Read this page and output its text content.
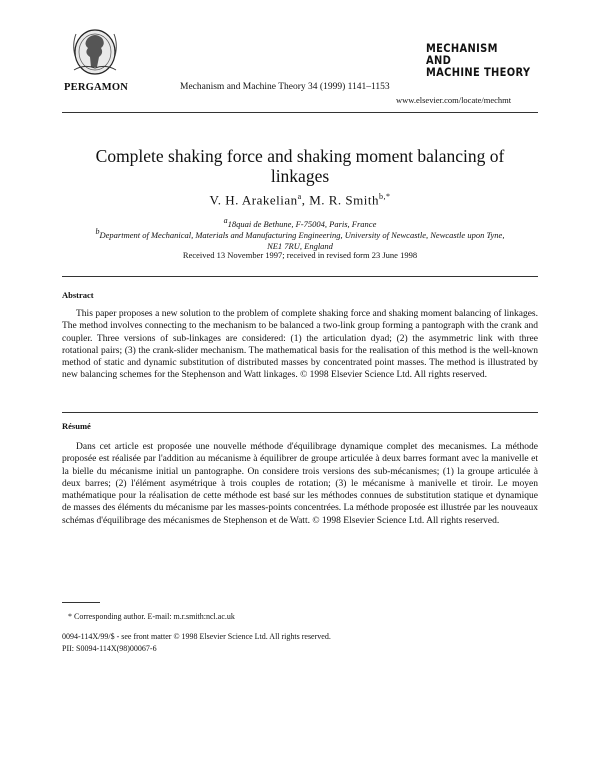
PERGAMON	Mechanism and Machine Theory 34 (1999) 1141–1153
MECHANISM
AND
MACHINE THEORY
www.elsevier.com/locate/mechmt
Complete shaking force and shaking moment balancing of
linkages
V. H. Arakelian$^a$, M. R. Smith$^{b,*}$
$^a$18quai de Bethune, F-75004, Paris, France
$^b$Department of Mechanical, Materials and Manufacturing Engineering, University of Newcastle, Newcastle upon Tyne,
NE1 7RU, England
Received 13 November 1997; received in revised form 23 June 1998
Abstract
This paper proposes a new solution to the problem of complete shaking force and shaking moment balancing of linkages. The method involves connecting to the mechanism to be balanced a two-link group forming a pantograph with the crank and coupler. Three versions of sub-linkages are considered: (1) the articulation dyad; (2) the asymmetric link with three rotational pairs; (3) the crank-slider mechanism. The mathematical basis for the realisation of this method is the well-known method of static and dynamic substitution of distributed masses by concentrated point masses. The method is illustrated by new balancing schemes for the Stephenson and Watt linkages. © 1998 Elsevier Science Ltd. All rights reserved.
Résumé
Dans cet article est proposée une nouvelle méthode d'équilibrage dynamique complet des mecanismes. La méthode proposée est réalisée par l'addition au mécanisme à équilibrer de groupe articulée à deux barres formant avec la manivelle et la bielle du mécanisme initial un pantographe. On considere trois versions des sub-mécanismes; (1) la groupe articulée à deux barres; (2) l'élément asymétrique à trois couples de rotation; (3) le mécanisme à manivelle et tiroir. Le moyen mathématique pour la réalisation de cette méthode est basé sur les méthodes connues de substitution statique et dynamique de masses des éléments du mécanisme par les masses-points concentrées. La méthode proposée est illustrée par les nouveaux schémas d'équilibrage des mécanismes de Stephenson et de Watt. © 1998 Elsevier Science Ltd. All rights reserved.
* Corresponding author. E-mail: m.r.smith:ncl.ac.uk
0094-114X/99/$ - see front matter © 1998 Elsevier Science Ltd. All rights reserved.
PII: S0094-114X(98)00067-6
